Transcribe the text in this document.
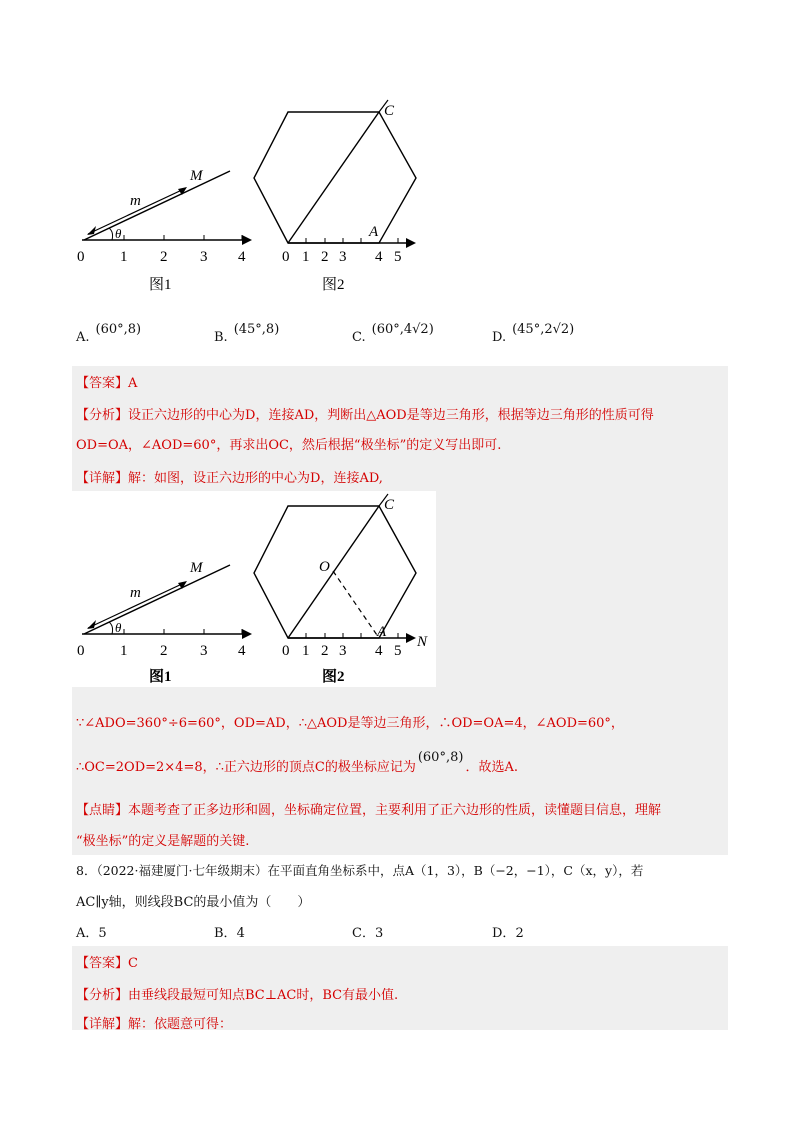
M
m
θ
0 1 2 3 4
图1
C
A
0 1 2 3 4 5
图2
A.(60°,8)
B.(45°,8)
C.(60°,4√2)
D.(45°,2√2)
【答案】A
【分析】设正六边形的中心为D，连接AD，判断出△AOD是等边三角形，根据等边三角形的性质可得
OD=OA，∠AOD=60°，再求出OC，然后根据“极坐标”的定义写出即可.
【详解】解：如图，设正六边形的中心为D，连接AD,
M
m
θ
0 1 2 3 4
图1
C
O
A
N
0 1 2 3 4 5
图2
∵∠ADO=360°÷6=60°，OD=AD，∴△AOD是等边三角形，∴OD=OA=4，∠AOD=60°，
∴OC=2OD=2×4=8，∴正六边形的顶点C的极坐标应记为(60°,8)．故选A.
【点睛】本题考查了正多边形和圆，坐标确定位置，主要利用了正六边形的性质，读懂题目信息，理解
“极坐标”的定义是解题的关键.
8．（2022·福建厦门·七年级期末）在平面直角坐标系中，点A（1，3），B（−2，−1），C（x，y），若
AC∥y轴，则线段BC的最小值为（　　）
A．5	B．4	C．3	D．2
【答案】C
【分析】由垂线段最短可知点BC⊥AC时，BC有最小值.
【详解】解：依题意可得：
